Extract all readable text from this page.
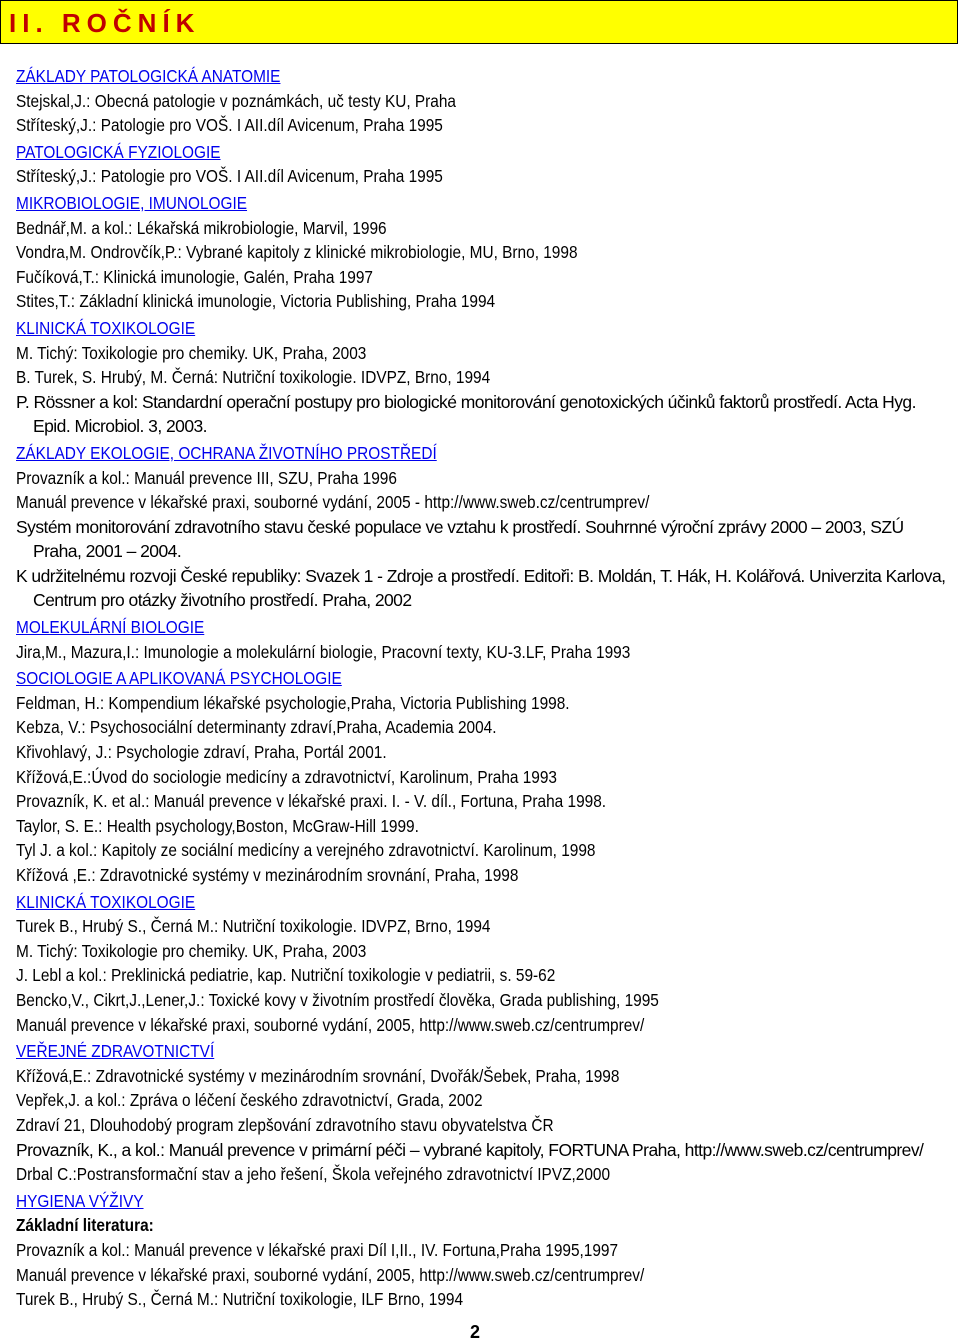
II. ROČNÍK
ZÁKLADY PATOLOGICKÁ ANATOMIE
Stejskal,J.: Obecná patologie v poznámkách, uč testy KU, Praha
Stříteský,J.: Patologie pro VOŠ. I AII.díl Avicenum, Praha 1995
PATOLOGICKÁ FYZIOLOGIE
Stříteský,J.: Patologie pro VOŠ. I AII.díl Avicenum, Praha 1995
MIKROBIOLOGIE, IMUNOLOGIE
Bednář,M. a kol.: Lékařská mikrobiologie, Marvil, 1996
Vondra,M. Ondrovčík,P.: Vybrané kapitoly z klinické mikrobiologie, MU, Brno, 1998
Fučíková,T.: Klinická imunologie, Galén, Praha 1997
Stites,T.: Základní klinická imunologie, Victoria Publishing, Praha 1994
KLINICKÁ TOXIKOLOGIE
M. Tichý: Toxikologie pro chemiky. UK, Praha, 2003
B. Turek, S. Hrubý, M. Černá: Nutriční toxikologie. IDVPZ, Brno, 1994
P. Rössner a kol: Standardní operační postupy pro biologické monitorování genotoxických účinků faktorů prostředí. Acta Hyg. Epid. Microbiol. 3, 2003.
ZÁKLADY EKOLOGIE, OCHRANA ŽIVOTNÍHO PROSTŘEDÍ
Provazník a kol.: Manuál prevence III, SZU, Praha 1996
Manuál prevence v lékařské praxi, souborné vydání, 2005 - http://www.sweb.cz/centrumprev/
Systém monitorování zdravotního stavu české populace ve vztahu k prostředí. Souhrnné výroční zprávy 2000 – 2003, SZÚ Praha, 2001 – 2004.
K udržitelnému rozvoji České republiky: Svazek 1 - Zdroje a prostředí. Editoři: B. Moldán, T. Hák, H. Kolářová. Univerzita Karlova, Centrum pro otázky životního prostředí. Praha, 2002
MOLEKULÁRNÍ BIOLOGIE
Jira,M., Mazura,I.: Imunologie a molekulární biologie, Pracovní texty, KU-3.LF, Praha 1993
SOCIOLOGIE A APLIKOVANÁ PSYCHOLOGIE
Feldman, H.: Kompendium lékařské psychologie,Praha, Victoria Publishing 1998.
Kebza, V.: Psychosociální determinanty zdraví,Praha, Academia 2004.
Křivohlavý, J.: Psychologie zdraví, Praha, Portál 2001.
Křížová,E.:Úvod do sociologie medicíny a zdravotnictví, Karolinum, Praha 1993
Provazník, K. et al.: Manuál prevence v lékařské praxi. I. - V. díl., Fortuna, Praha 1998.
Taylor, S. E.: Health psychology,Boston, McGraw-Hill 1999.
Tyl J. a kol.: Kapitoly ze sociální medicíny a verejného zdravotnictví. Karolinum, 1998
Křížová ,E.: Zdravotnické systémy v mezinárodním srovnání, Praha, 1998
KLINICKÁ TOXIKOLOGIE
Turek B., Hrubý S., Černá M.: Nutriční toxikologie. IDVPZ, Brno, 1994
M. Tichý: Toxikologie pro chemiky. UK, Praha, 2003
J. Lebl a kol.: Preklinická pediatrie, kap. Nutriční toxikologie v pediatrii, s. 59-62
Bencko,V., Cikrt,J.,Lener,J.: Toxické kovy v životním prostředí člověka, Grada publishing, 1995
Manuál prevence v lékařské praxi, souborné vydání, 2005, http://www.sweb.cz/centrumprev/
VEŘEJNÉ ZDRAVOTNICTVÍ
Křížová,E.: Zdravotnické systémy v mezinárodním srovnání, Dvořák/Šebek, Praha, 1998
Vepřek,J. a kol.: Zpráva o léčení českého zdravotnictví, Grada, 2002
Zdraví 21, Dlouhodobý program zlepšování zdravotního stavu obyvatelstva ČR
Provazník, K., a kol.: Manuál prevence v primární péči – vybrané kapitoly, FORTUNA Praha, http://www.sweb.cz/centrumprev/
Drbal C.:Postransformační stav a jeho řešení, Škola veřejného zdravotnictví IPVZ,2000
HYGIENA VÝŽIVY
Základní literatura:
Provazník a kol.: Manuál prevence v lékařské praxi Díl I,II., IV. Fortuna,Praha 1995,1997
Manuál prevence v lékařské praxi, souborné vydání, 2005, http://www.sweb.cz/centrumprev/
Turek B., Hrubý S., Černá M.: Nutriční toxikologie, ILF Brno, 1994
2
